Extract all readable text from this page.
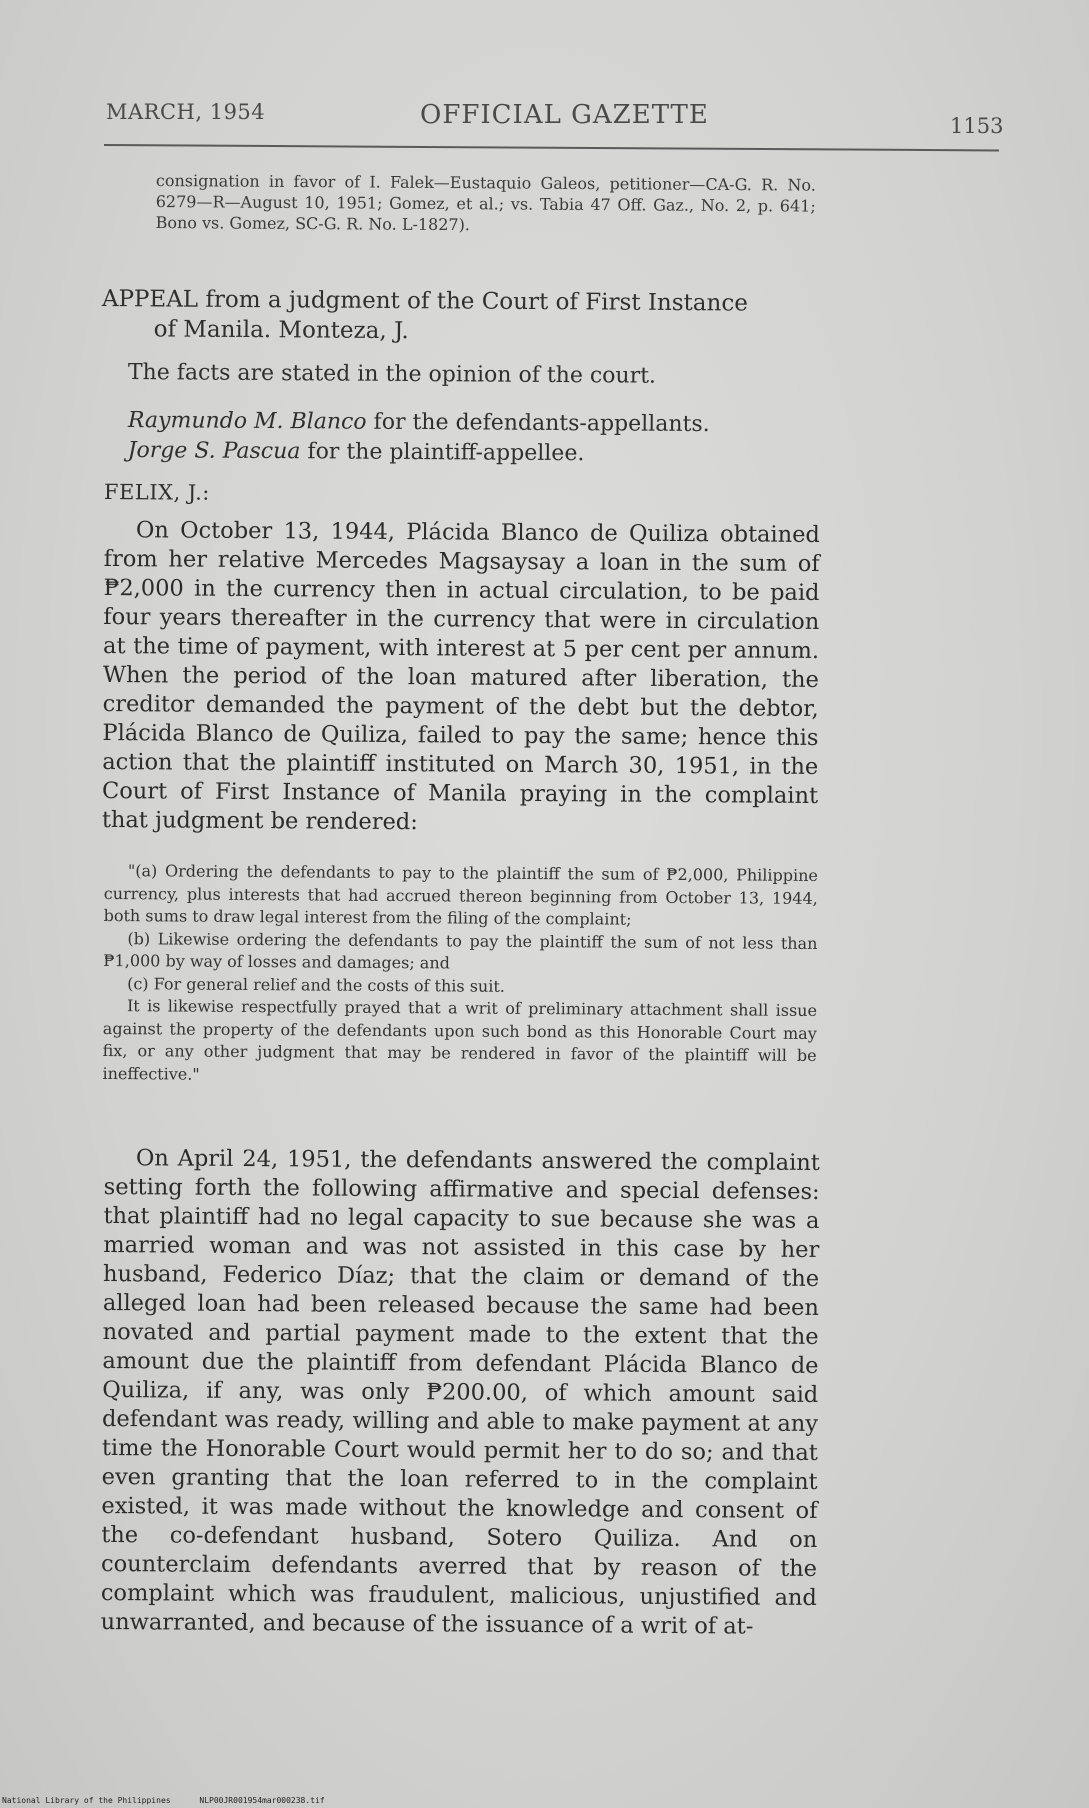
MARCH, 1954	OFFICIAL GAZETTE	1153
consignation in favor of I. Falek—Eustaquio Galeos, petitioner—CA-G. R. No. 6279—R—August 10, 1951; Gomez, et al.; vs. Tabia 47 Off. Gaz., No. 2, p. 641; Bono vs. Gomez, SC-G. R. No. L-1827).
APPEAL from a judgment of the Court of First Instance
of Manila. Monteza, J.
The facts are stated in the opinion of the court.
Raymundo M. Blanco for the defendants-appellants.
Jorge S. Pascua for the plaintiff-appellee.
FELIX, J.:
On October 13, 1944, Plácida Blanco de Quiliza obtained from her relative Mercedes Magsaysay a loan in the sum of ₱2,000 in the currency then in actual circulation, to be paid four years thereafter in the currency that were in circulation at the time of payment, with interest at 5 per cent per annum. When the period of the loan matured after liberation, the creditor demanded the payment of the debt but the debtor, Plácida Blanco de Quiliza, failed to pay the same; hence this action that the plaintiff instituted on March 30, 1951, in the Court of First Instance of Manila praying in the complaint that judgment be rendered:

"(a) Ordering the defendants to pay to the plaintiff the sum of ₱2,000, Philippine currency, plus interests that had accrued thereon beginning from October 13, 1944, both sums to draw legal interest from the filing of the complaint;

(b) Likewise ordering the defendants to pay the plaintiff the sum of not less than ₱1,000 by way of losses and damages; and

(c) For general relief and the costs of this suit.

It is likewise respectfully prayed that a writ of preliminary attachment shall issue against the property of the defendants upon such bond as this Honorable Court may fix, or any other judgment that may be rendered in favor of the plaintiff will be ineffective."

On April 24, 1951, the defendants answered the complaint setting forth the following affirmative and special defenses: that plaintiff had no legal capacity to sue because she was a married woman and was not assisted in this case by her husband, Federico Díaz; that the claim or demand of the alleged loan had been released because the same had been novated and partial payment made to the extent that the amount due the plaintiff from defendant Plácida Blanco de Quiliza, if any, was only ₱200.00, of which amount said defendant was ready, willing and able to make payment at any time the Honorable Court would permit her to do so; and that even granting that the loan referred to in the complaint existed, it was made without the knowledge and consent of the co-defendant husband, Sotero Quiliza. And on counterclaim defendants averred that by reason of the complaint which was fraudulent, malicious, unjustified and unwarranted, and because of the issuance of a writ of at-
National Library of the Philippines	NLP00JR001954mar000238.tif
